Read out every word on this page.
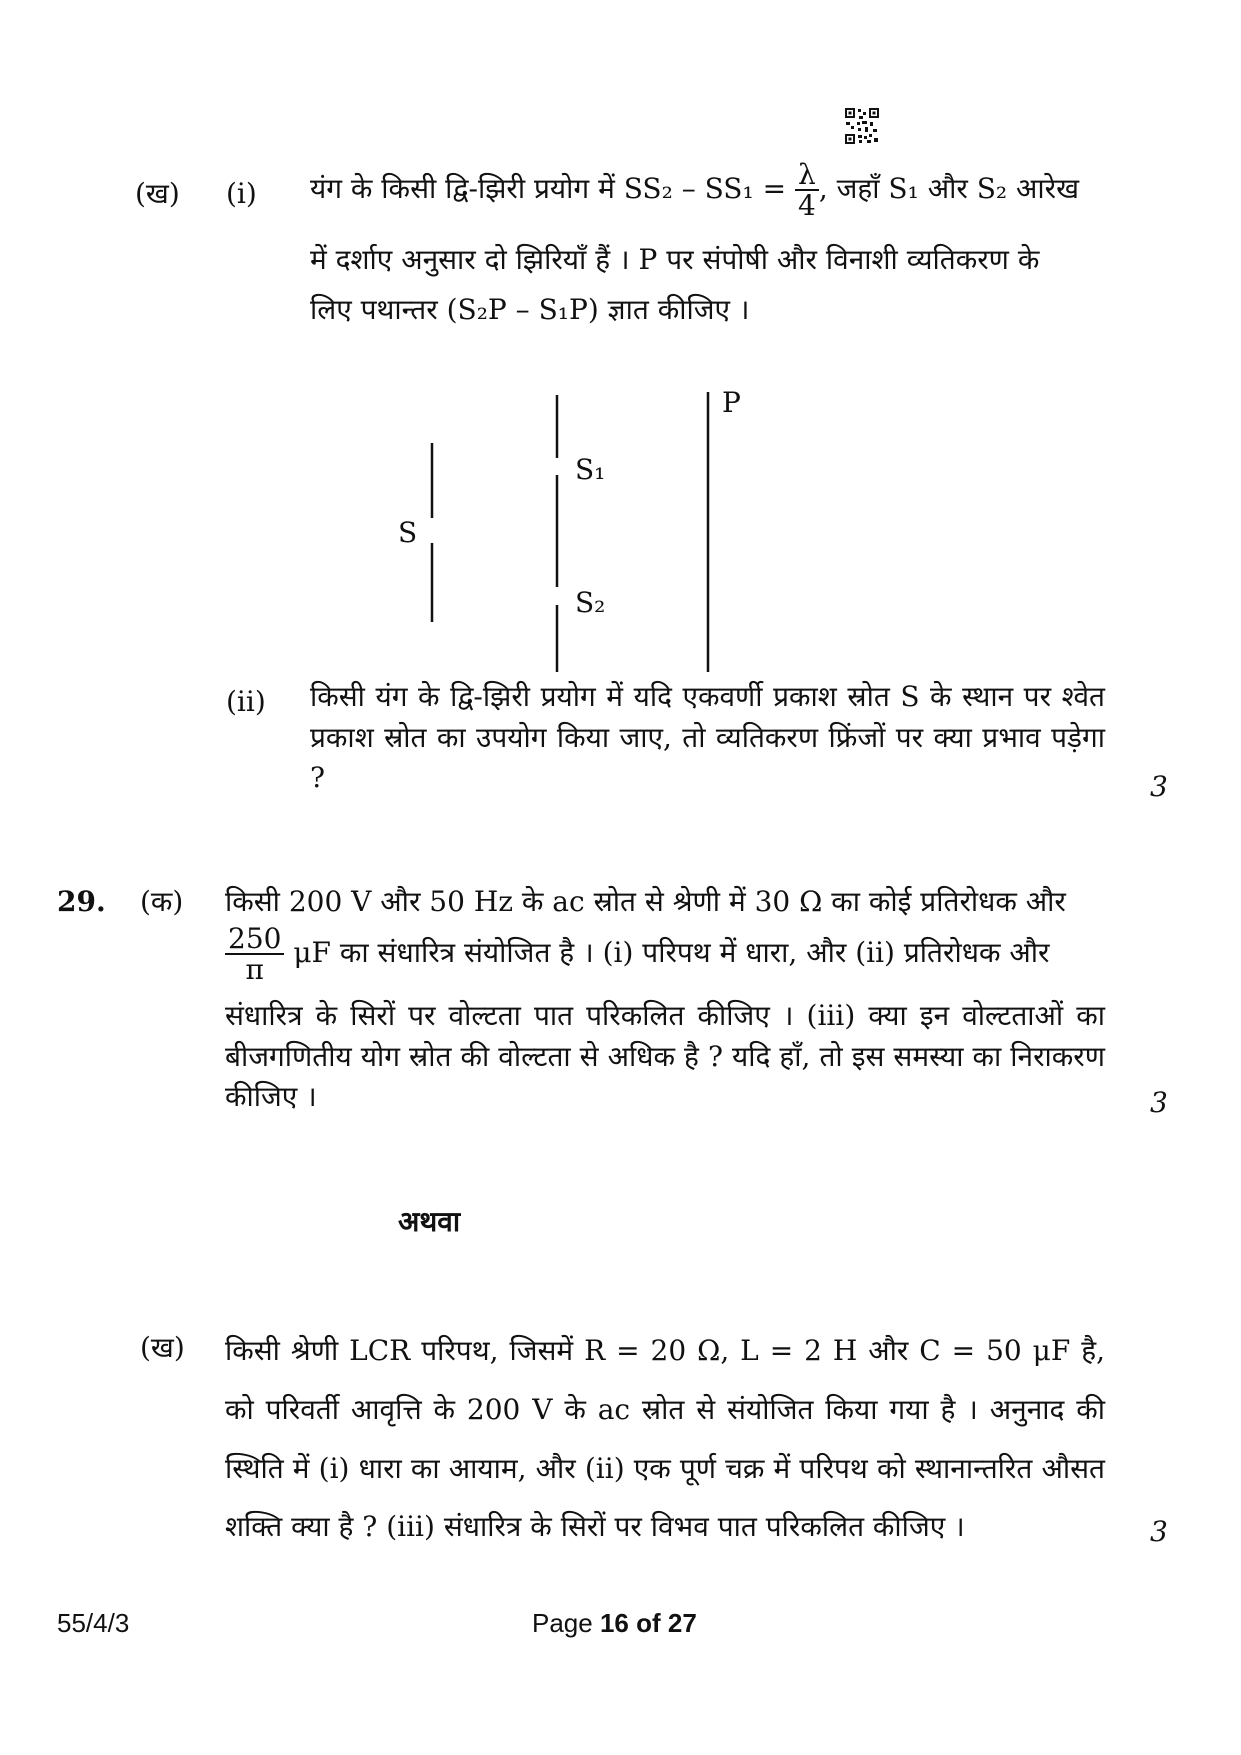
(ख) (i) यंग के किसी द्वि-झिरी प्रयोग में $SS_2 - SS_1 = \frac{\lambda}{4}$ , जहाँ S₁ और S₂ आरेख
में दर्शाए अनुसार दो झिरियाँ हैं । P पर संपोषी और विनाशी व्यतिकरण के
लिए पथान्तर (S₂P – S₁P) ज्ञात कीजिए ।
S
S₁
S₂
P
(ii) किसी यंग के द्वि-झिरी प्रयोग में यदि एकवर्णी प्रकाश स्रोत S के स्थान पर श्वेत प्रकाश स्रोत का उपयोग किया जाए, तो व्यतिकरण फ्रिंजों पर क्या प्रभाव पड़ेगा ?	3
29. (क) किसी 200 V और 50 Hz के ac स्रोत से श्रेणी में 30 Ω का कोई प्रतिरोधक और
$\frac{250}{\pi}$ μF का संधारित्र संयोजित है । (i) परिपथ में धारा, और (ii) प्रतिरोधक और
संधारित्र के सिरों पर वोल्टता पात परिकलित कीजिए । (iii) क्या इन वोल्टताओं का बीजगणितीय योग स्रोत की वोल्टता से अधिक है ? यदि हाँ, तो इस समस्या का निराकरण कीजिए ।	3
अथवा
(ख) किसी श्रेणी LCR परिपथ, जिसमें R = 20 Ω, L = 2 H और C = 50 μF है, को परिवर्ती आवृत्ति के 200 V के ac स्रोत से संयोजित किया गया है । अनुनाद की स्थिति में (i) धारा का आयाम, और (ii) एक पूर्ण चक्र में परिपथ को स्थानान्तरित औसत शक्ति क्या है ? (iii) संधारित्र के सिरों पर विभव पात परिकलित कीजिए ।	3
55/4/3	Page 16 of 27
